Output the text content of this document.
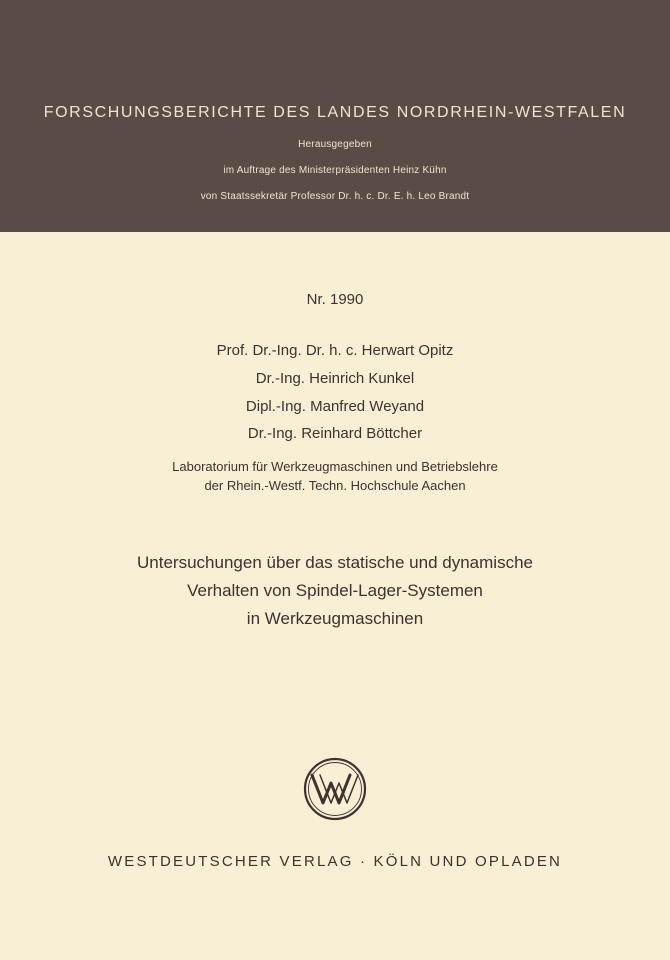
FORSCHUNGSBERICHTE DES LANDES NORDRHEIN-WESTFALEN

Herausgegeben

im Auftrage des Ministerpräsidenten Heinz Kühn

von Staatssekretär Professor Dr. h. c. Dr. E. h. Leo Brandt

Nr. 1990

Prof. Dr.-Ing. Dr. h. c. Herwart Opitz

Dr.-Ing. Heinrich Kunkel

Dipl.-Ing. Manfred Weyand

Dr.-Ing. Reinhard Böttcher

Laboratorium für Werkzeugmaschinen und Betriebslehre

der Rhein.-Westf. Techn. Hochschule Aachen

Untersuchungen über das statische und dynamische

Verhalten von Spindel-Lager-Systemen

in Werkzeugmaschinen

WESTDEUTSCHER VERLAG · KÖLN UND OPLADEN
